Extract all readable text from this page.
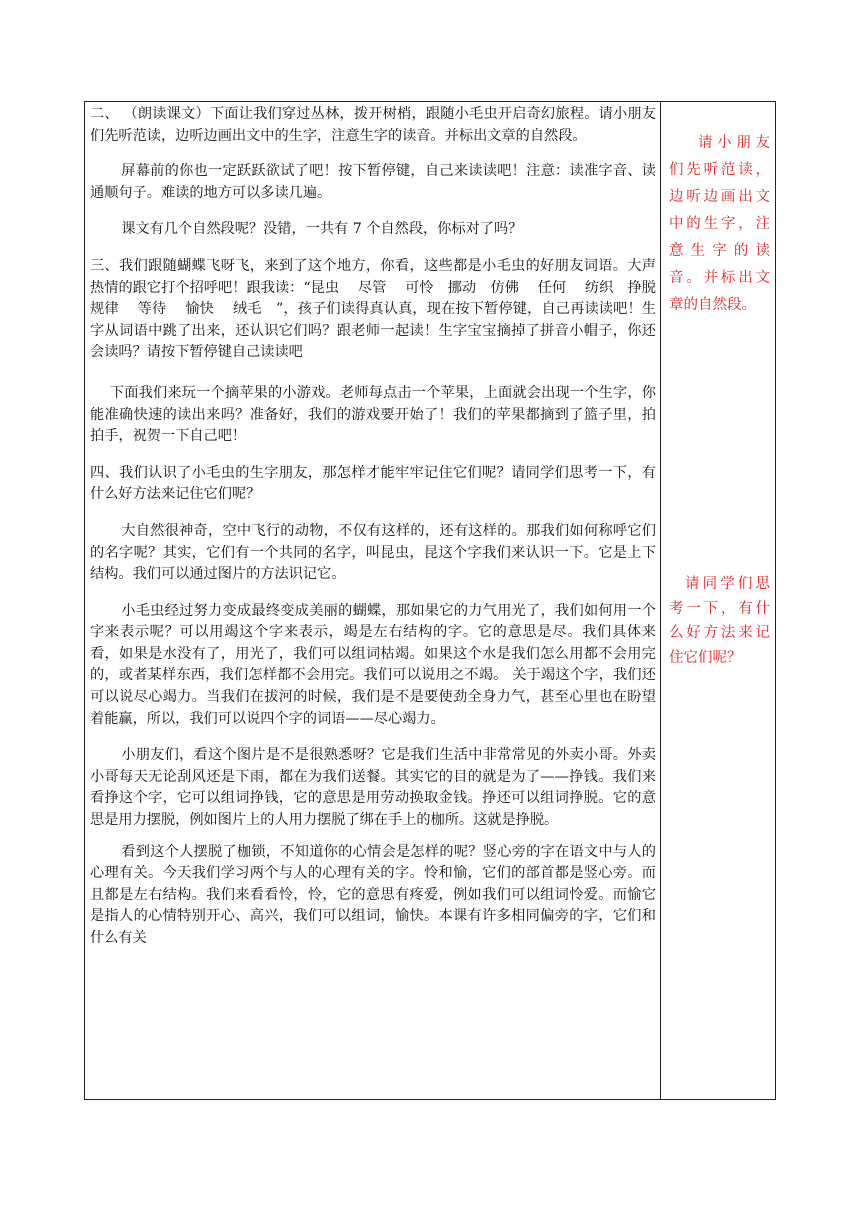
二、 （朗读课文）下面让我们穿过丛林，拨开树梢，跟随小毛虫开启奇幻旅程。请小朋友们先听范读，边听边画出文中的生字，注意生字的读音。并标出文章的自然段。

屏幕前的你也一定跃跃欲试了吧！按下暂停键，自己来读读吧！注意：读准字音、读通顺句子。难读的地方可以多读几遍。

课文有几个自然段呢？没错，一共有 7 个自然段，你标对了吗？

三、我们跟随蝴蝶飞呀飞，来到了这个地方，你看，这些都是小毛虫的好朋友词语。大声热情的跟它打个招呼吧！跟我读：“昆虫　 尽管　 可怜　挪动　仿佛　 任何　 纺织　挣脱　 规律　 等待　 愉快　 绒毛　”，孩子们读得真认真，现在按下暂停键，自己再读读吧！生字从词语中跳了出来，还认识它们吗？跟老师一起读！生字宝宝摘掉了拼音小帽子，你还会读吗？请按下暂停键自己读读吧

下面我们来玩一个摘苹果的小游戏。老师每点击一个苹果，上面就会出现一个生字，你能准确快速的读出来吗？准备好，我们的游戏要开始了！我们的苹果都摘到了篮子里，拍拍手，祝贺一下自己吧！

四、我们认识了小毛虫的生字朋友，那怎样才能牢牢记住它们呢？请同学们思考一下，有什么好方法来记住它们呢？

大自然很神奇，空中飞行的动物，不仅有这样的，还有这样的。那我们如何称呼它们的名字呢？其实，它们有一个共同的名字，叫昆虫，昆这个字我们来认识一下。它是上下结构。我们可以通过图片的方法识记它。

小毛虫经过努力变成最终变成美丽的蝴蝶，那如果它的力气用光了，我们如何用一个字来表示呢？可以用竭这个字来表示，竭是左右结构的字。它的意思是尽。我们具体来看，如果是水没有了，用光了，我们可以组词枯竭。如果这个水是我们怎么用都不会用完的，或者某样东西，我们怎样都不会用完。我们可以说用之不竭。 关于竭这个字，我们还可以说尽心竭力。当我们在拔河的时候，我们是不是要使劲全身力气，甚至心里也在盼望着能赢，所以，我们可以说四个字的词语——尽心竭力。

小朋友们，看这个图片是不是很熟悉呀？它是我们生活中非常常见的外卖小哥。外卖小哥每天无论刮风还是下雨，都在为我们送餐。其实它的目的就是为了——挣钱。我们来看挣这个字，它可以组词挣钱，它的意思是用劳动换取金钱。挣还可以组词挣脱。它的意思是用力摆脱，例如图片上的人用力摆脱了绑在手上的枷所。这就是挣脱。

看到这个人摆脱了枷锁，不知道你的心情会是怎样的呢？竖心旁的字在语文中与人的心理有关。今天我们学习两个与人的心理有关的字。怜和愉，它们的部首都是竖心旁。而且都是左右结构。我们来看看怜，怜，它的意思有疼爱，例如我们可以组词怜爱。而愉它是指人的心情特别开心、高兴，我们可以组词，愉快。本课有许多相同偏旁的字，它们和什么有关

请小朋友们先听范读，边听边画出文中的生字，注意生字的读音。并标出文章的自然段。
请同学们思考一下，有什么好方法来记住它们呢？
